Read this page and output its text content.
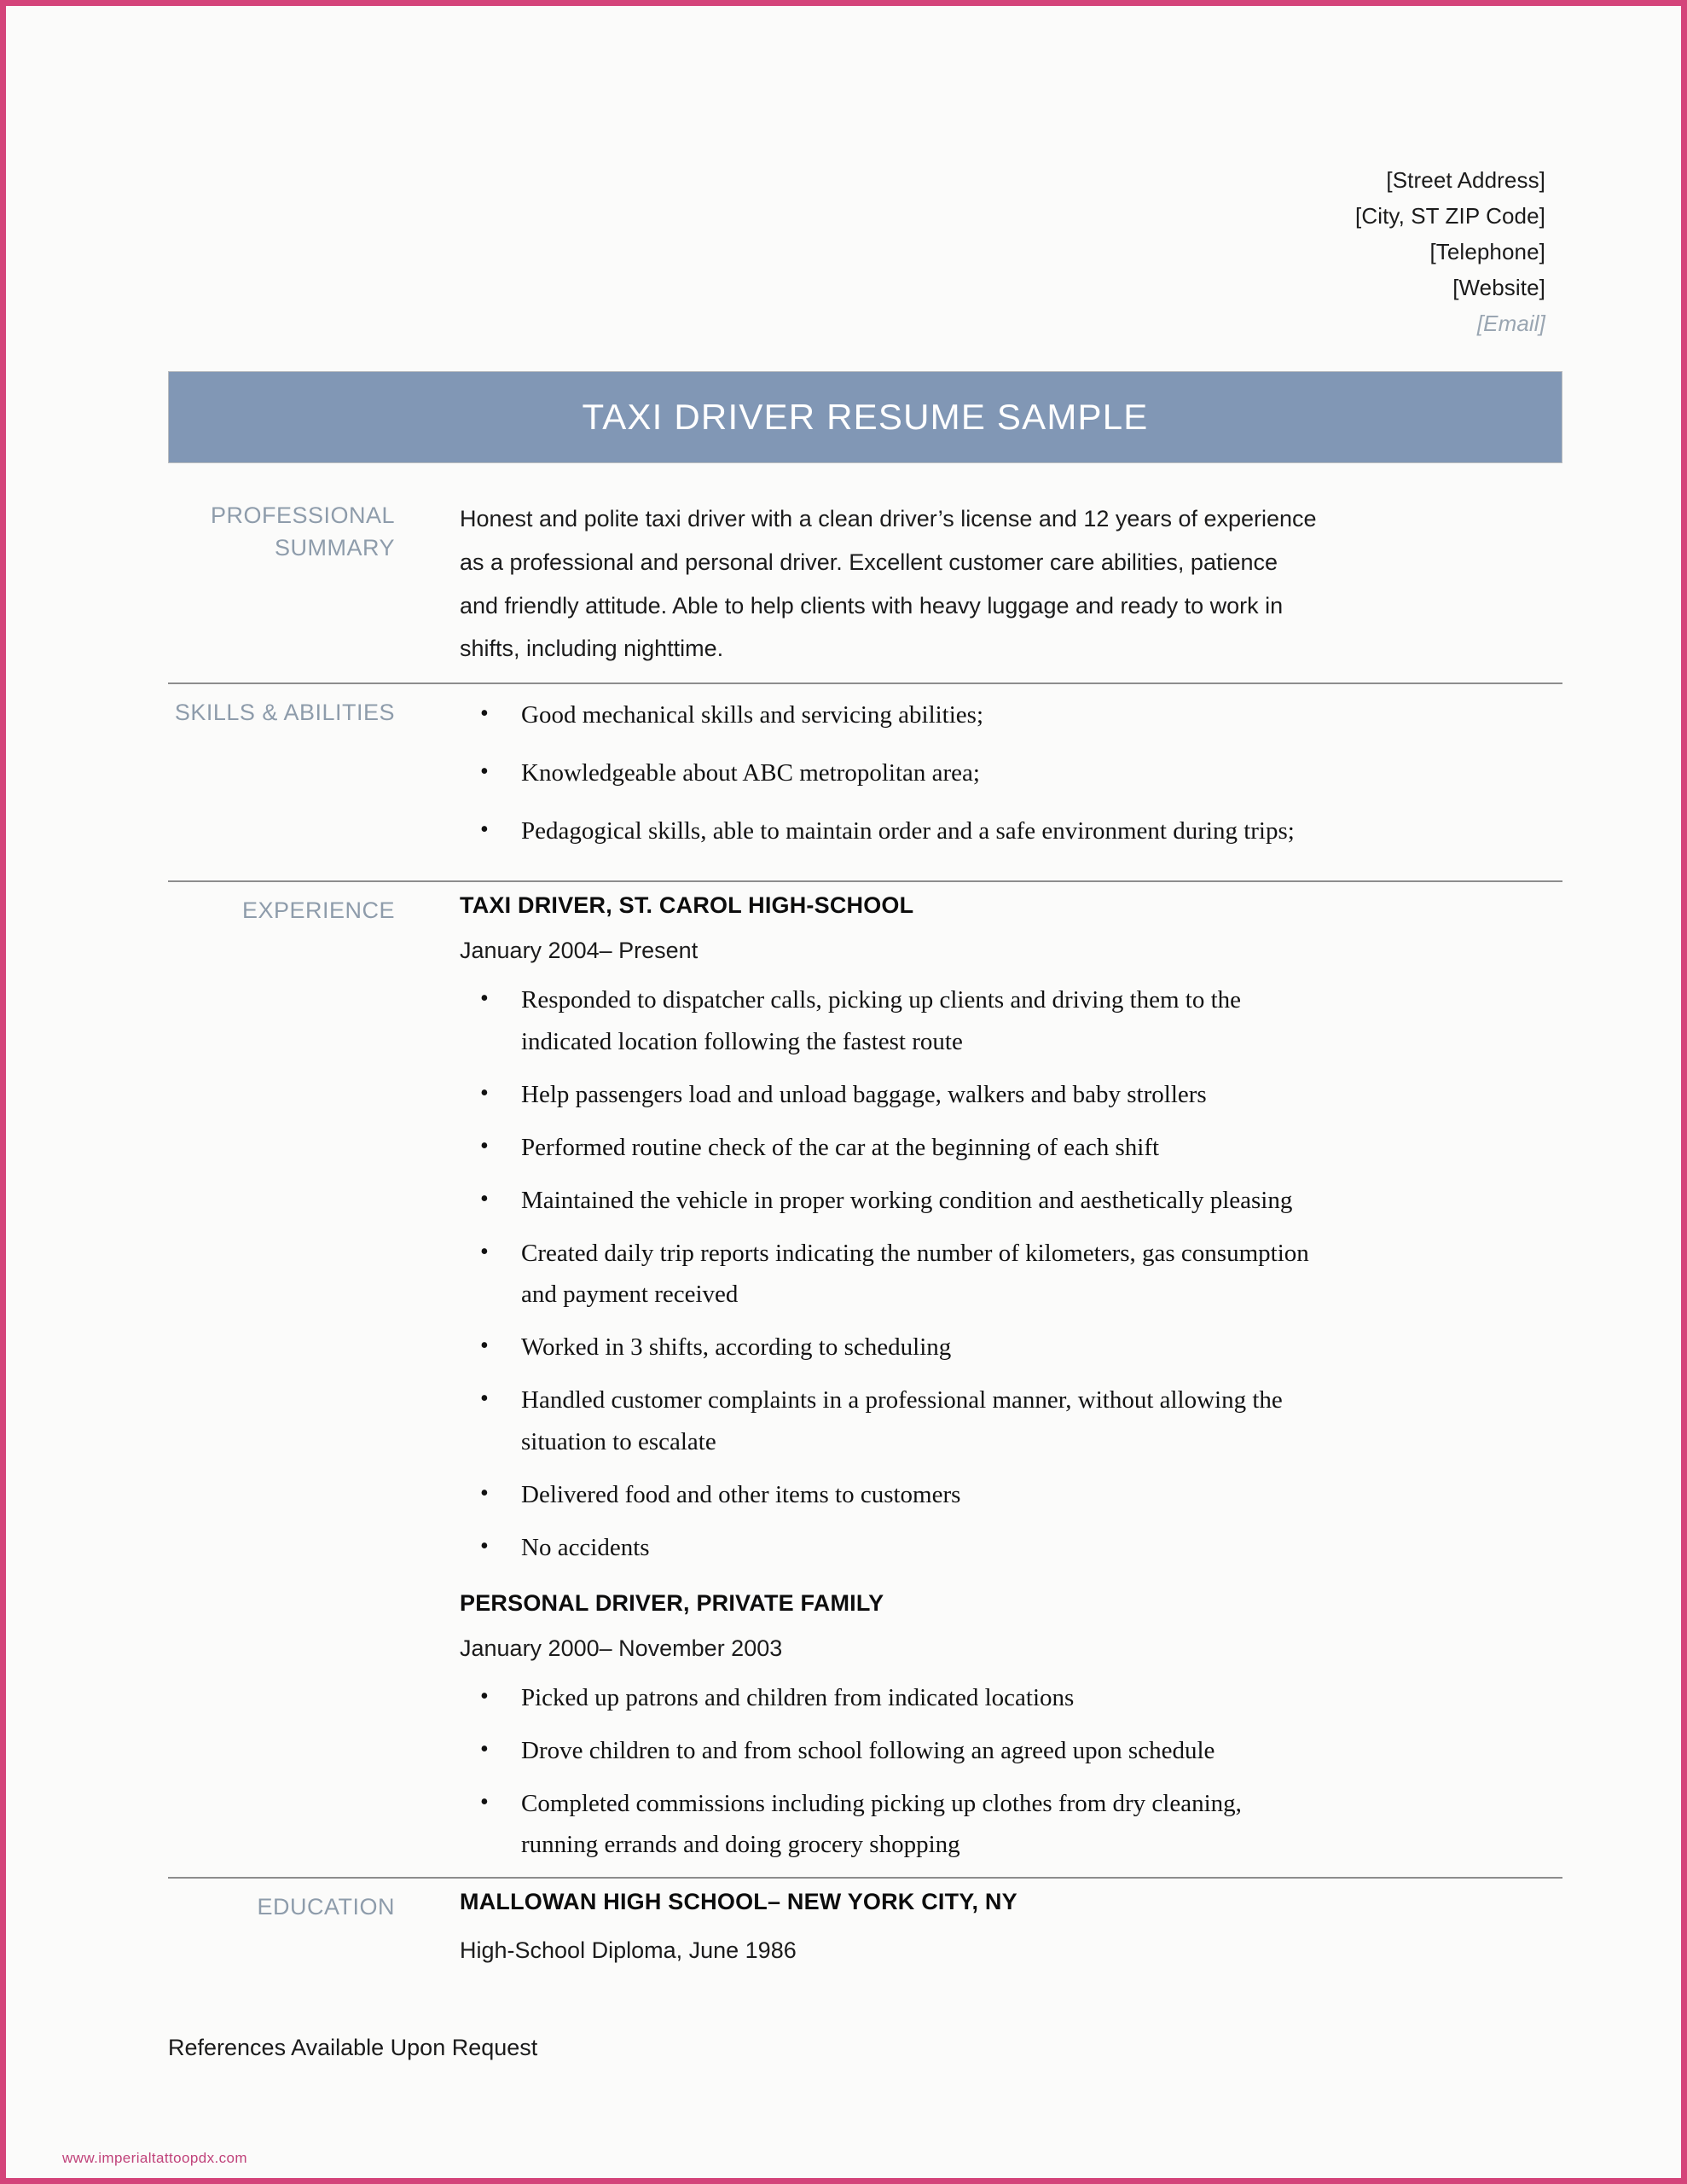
[Street Address]
[City, ST ZIP Code]
[Telephone]
[Website]
[Email]
TAXI DRIVER RESUME SAMPLE
PROFESSIONAL
SUMMARY

Honest and polite taxi driver with a clean driver’s license and 12 years of experience as a professional and personal driver. Excellent customer care abilities, patience and friendly attitude. Able to help clients with heavy luggage and ready to work in shifts, including nighttime.

SKILLS & ABILITIES	• Good mechanical skills and servicing abilities;
• Knowledgeable about ABC metropolitan area;
• Pedagogical skills, able to maintain order and a safe environment during trips;
EXPERIENCE	TAXI DRIVER, ST. CAROL HIGH-SCHOOL

January 2004– Present

• Responded to dispatcher calls, picking up clients and driving them to the indicated location following the fastest route
• Help passengers load and unload baggage, walkers and baby strollers
• Performed routine check of the car at the beginning of each shift
• Maintained the vehicle in proper working condition and aesthetically pleasing
• Created daily trip reports indicating the number of kilometers, gas consumption and payment received
• Worked in 3 shifts, according to scheduling
• Handled customer complaints in a professional manner, without allowing the situation to escalate
• Delivered food and other items to customers
• No accidents

PERSONAL DRIVER, PRIVATE FAMILY

January 2000– November 2003

• Picked up patrons and children from indicated locations
• Drove children to and from school following an agreed upon schedule
• Completed commissions including picking up clothes from dry cleaning, running errands and doing grocery shopping
EDUCATION	MALLOWAN HIGH SCHOOL– NEW YORK CITY, NY

High-School Diploma, June 1986

References Available Upon Request
www.imperialtattoopdx.com
